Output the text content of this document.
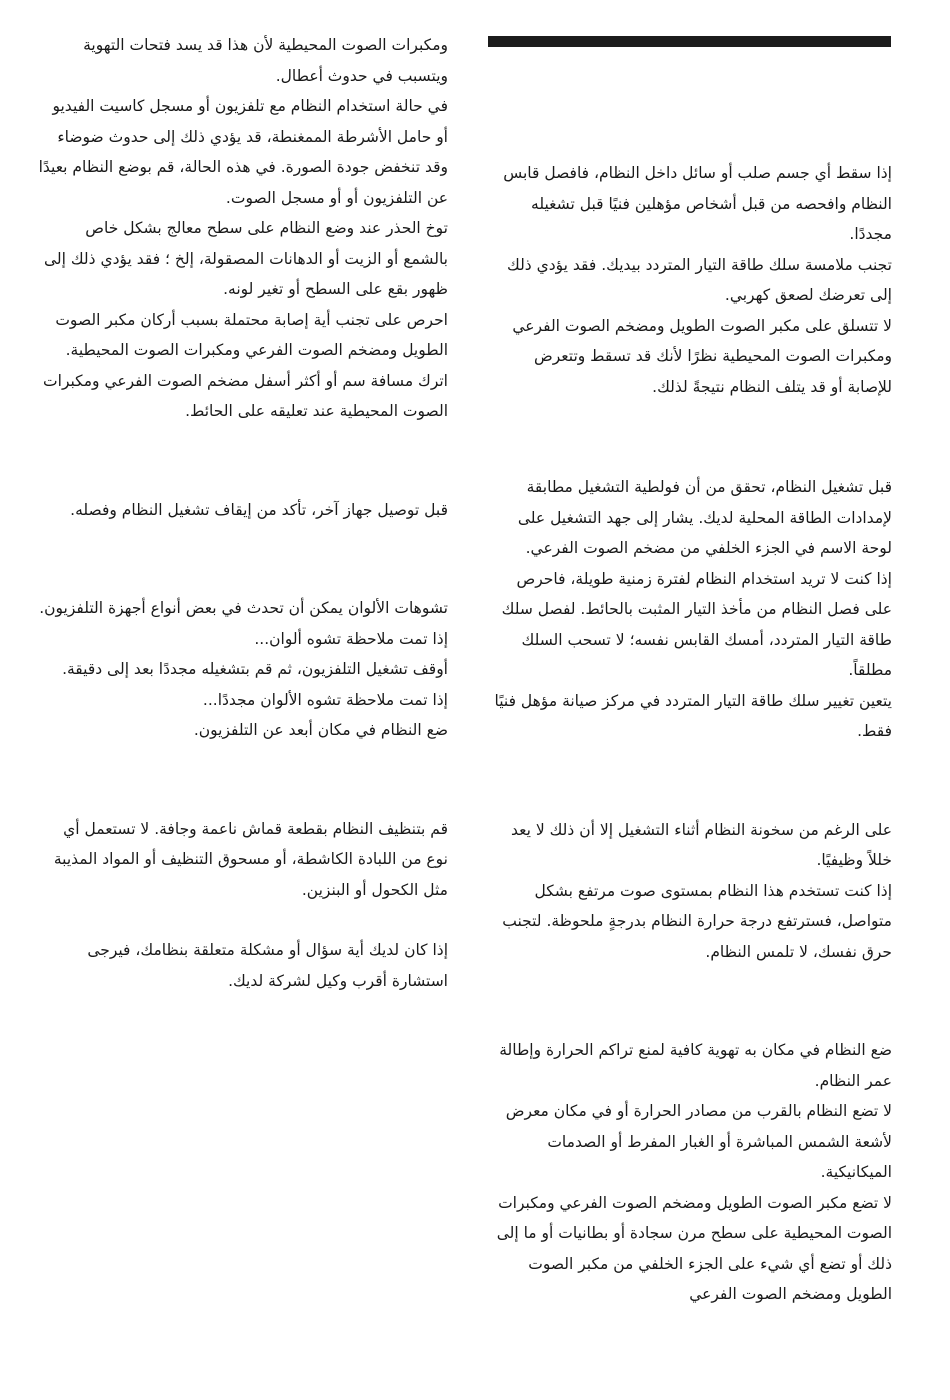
إذا سقط أي جسم صلب أو سائل داخل النظام، فافصل قابس النظام وافحصه من قبل أشخاص مؤهلين فنيًا قبل تشغيله مجددًا.

تجنب ملامسة سلك طاقة التيار المتردد بيديك. فقد يؤدي ذلك إلى تعرضك لصعق كهربي.

لا تتسلق على مكبر الصوت الطويل ومضخم الصوت الفرعي ومكبرات الصوت المحيطية نظرًا لأنك قد تسقط وتتعرض للإصابة أو قد يتلف النظام نتيجةً لذلك.

قبل تشغيل النظام، تحقق من أن فولطية التشغيل مطابقة لإمدادات الطاقة المحلية لديك. يشار إلى جهد التشغيل على لوحة الاسم في الجزء الخلفي من مضخم الصوت الفرعي.

إذا كنت لا تريد استخدام النظام لفترة زمنية طويلة، فاحرص على فصل النظام من مأخذ التيار المثبت بالحائط. لفصل سلك طاقة التيار المتردد، أمسك القابس نفسه؛ لا تسحب السلك مطلقاً.

يتعين تغيير سلك طاقة التيار المتردد في مركز صيانة مؤهل فنيًا فقط.

على الرغم من سخونة النظام أثناء التشغيل إلا أن ذلك لا يعد خللاً وظيفيًا.

إذا كنت تستخدم هذا النظام بمستوى صوت مرتفع بشكل متواصل، فسترتفع درجة حرارة النظام بدرجةٍ ملحوظة. لتجنب حرق نفسك، لا تلمس النظام.

ضع النظام في مكان به تهوية كافية لمنع تراكم الحرارة وإطالة عمر النظام.

لا تضع النظام بالقرب من مصادر الحرارة أو في مكان معرض لأشعة الشمس المباشرة أو الغبار المفرط أو الصدمات الميكانيكية.

لا تضع مكبر الصوت الطويل ومضخم الصوت الفرعي ومكبرات الصوت المحيطية على سطح مرن سجادة أو بطانيات أو ما إلى ذلك أو تضع أي شيء على الجزء الخلفي من مكبر الصوت الطويل ومضخم الصوت الفرعي

ومكبرات الصوت المحيطية لأن هذا قد يسد فتحات التهوية ويتسبب في حدوث أعطال.

في حالة استخدام النظام مع تلفزيون أو مسجل كاسيت الفيديو أو حامل الأشرطة الممغنطة، قد يؤدي ذلك إلى حدوث ضوضاء وقد تنخفض جودة الصورة. في هذه الحالة، قم بوضع النظام بعيدًا عن التلفزيون أو أو مسجل الصوت.

توخ الحذر عند وضع النظام على سطح معالج بشكل خاص بالشمع أو الزيت أو الدهانات المصقولة، إلخ ؛ فقد يؤدي ذلك إلى ظهور بقع على السطح أو تغير لونه.

احرص على تجنب أية إصابة محتملة بسبب أركان مكبر الصوت الطويل ومضخم الصوت الفرعي ومكبرات الصوت المحيطية.

اترك مسافة سم أو أكثر أسفل مضخم الصوت الفرعي ومكبرات الصوت المحيطية عند تعليقه على الحائط.

قبل توصيل جهاز آخر، تأكد من إيقاف تشغيل النظام وفصله.

تشوهات الألوان يمكن أن تحدث في بعض أنواع أجهزة التلفزيون.

إذا تمت ملاحظة تشوه ألوان...

أوقف تشغيل التلفزيون، ثم قم بتشغيله مجددًا بعد إلى دقيقة.

إذا تمت ملاحظة تشوه الألوان مجددًا...

ضع النظام في مكان أبعد عن التلفزيون.

قم بتنظيف النظام بقطعة قماش ناعمة وجافة. لا تستعمل أي نوع من اللبادة الكاشطة، أو مسحوق التنظيف أو المواد المذيبة مثل الكحول أو البنزين.

إذا كان لديك أية سؤال أو مشكلة متعلقة بنظامك، فيرجى استشارة أقرب وكيل لشركة لديك.
